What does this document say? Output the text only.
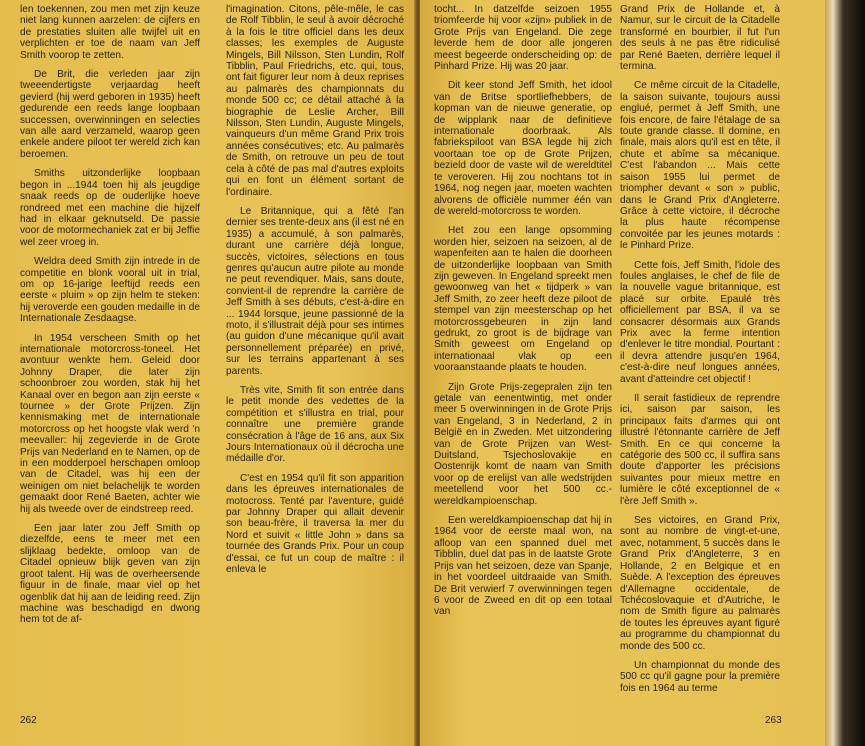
len toekennen, zou men met zijn keuze niet lang kunnen aarzelen: de cijfers en de prestaties sluiten alle twijfel uit en verplichten er toe de naam van Jeff Smith voorop te zetten.

De Brit, die verleden jaar zijn tweeendertigste verjaardag heeft gevierd (hij werd geboren in 1935) heeft gedurende een reeds lange loopbaan successen, overwinningen en selecties van alle aard verzameld, waarop geen enkele andere piloot ter wereld zich kan beroemen.

Smiths uitzonderlijke loopbaan begon in ...1944 toen hij als jeugdige snaak reeds op de ouderlijke hoeve rondreed met een machine die hijzelf had in elkaar geknutseld. De passie voor de motormechaniek zat er bij Jeffie wel zeer vroeg in.

Weldra deed Smith zijn intrede in de competitie en blonk vooral uit in trial, om op 16-jarige leeftijd reeds een eerste « pluim » op zijn helm te steken: hij veroverde een gouden medaille in de Internationale Zesdaagse.

In 1954 verscheen Smith op het internationale motorcross-toneel. Het avontuur wenkte hem. Geleid door Johnny Draper, die later zijn schoonbroer zou worden, stak hij het Kanaal over en begon aan zijn eerste « tournee » der Grote Prijzen. Zijn kennismaking met de internationale motorcross op het hoogste vlak werd 'n meevaller: hij zegevierde in de Grote Prijs van Nederland en te Namen, op de in een modderpoel herschapen omloop van de Citadel, was hij een der weinigen om niet belachelijk te worden gemaakt door René Baeten, achter wie hij als tweede over de eindstreep reed.

Een jaar later zou Jeff Smith op diezelfde, eens te meer met een slijklaag bedekte, omloop van de Citadel opnieuw blijk geven van zijn groot talent. Hij was de overheersende figuur in de finale, maar viel op het ogenblik dat hij aan de leiding reed. Zijn machine was beschadigd en dwong hem tot de af-

l'imagination. Citons, pêle-mêle, le cas de Rolf Tibblin, le seul à avoir décroché à la fois le titre officiel dans les deux classes; les exemples de Auguste Mingels, Bill Nilsson, Sten Lundin, Rolf Tibblin, Paul Friedrichs, etc. qui, tous, ont fait figurer leur nom à deux reprises au palmarès des championnats du monde 500 cc; ce détail attaché à la biographie de Leslie Archer, Bill Nilsson, Sten Lundin, Auguste Mingels, vainqueurs d'un même Grand Prix trois années consécutives; etc. Au palmarès de Smith, on retrouve un peu de tout cela à côté de pas mal d'autres exploits qui en font un élément sortant de l'ordinaire.

Le Britannique, qui a fêté l'an dernier ses trente-deux ans (il est né en 1935) a accumulé, à son palmarès, durant une carrière déjà longue, succès, victoires, sélections en tous genres qu'aucun autre pilote au monde ne peut revendiquer. Mais, sans doute, convient-il de reprendre la carrière de Jeff Smith à ses débuts, c'est-à-dire en ... 1944 lorsque, jeune passionné de la moto, il s'illustrait déjà pour ses intimes (au guidon d'une mécanique qu'il avait personnellement préparée) en privé, sur les terrains appartenant à ses parents.

Très vite, Smith fit son entrée dans le petit monde des vedettes de la compétition et s'illustra en trial, pour connaître une première grande consécration à l'âge de 16 ans, aux Six Jours Internationaux où il décrocha une médaille d'or.

C'est en 1954 qu'il fit son apparition dans les épreuves internationales de motocross. Tenté par l'aventure, guidé par Johnny Draper qui allait devenir son beau-frère, il traversa la mer du Nord et suivit « little John » dans sa tournée des Grands Prix. Pour un coup d'essai, ce fut un coup de maître : il enleva le

262

tocht... In datzelfde seizoen 1955 triomfeerde hij voor «zijn» publiek in de Grote Prijs van Engeland. Die zege leverde hem de door alle jongeren meest begeerde onderscheiding op: de Pinhard Prize. Hij was 20 jaar.

Dit keer stond Jeff Smith, het idool van de Britse sportliefhebbers, de kopman van de nieuwe generatie, op de wipplank naar de definitieve internationale doorbraak. Als fabriekspiloot van BSA legde hij zich voortaan toe op de Grote Prijzen, bezield door de vaste wil de wereldtitel te veroveren. Hij zou nochtans tot in 1964, nog negen jaar, moeten wachten alvorens de officiële nummer één van de wereld-motorcross te worden.

Het zou een lange opsomming worden hier, seizoen na seizoen, al de wapenfeiten aan te halen die doorheen de uitzonderlijke loopbaan van Smith zijn geweven. In Engeland spreekt men gewoonweg van het « tijdperk » van Jeff Smith, zo zeer heeft deze piloot de stempel van zijn meesterschap op het motorcrossgebeuren in zijn land gedrukt, zo groot is de bijdrage van Smith geweest om Engeland op internationaal vlak op een vooraanstaande plaats te houden.

Zijn Grote Prijs-zegepralen zijn ten getale van eenentwintig, met onder meer 5 overwinningen in de Grote Prijs van Engeland, 3 in Nederland, 2 in België en in Zweden. Met uitzondering van de Grote Prijzen van West-Duitsland, Tsjechoslovakije en Oostenrijk komt de naam van Smith voor op de erelijst van alle wedstrijden meetellend voor het 500 cc.-wereldkampioenschap.

Een wereldkampioenschap dat hij in 1964 voor de eerste maal won, na afloop van een spanned duel met Tibblin, duel dat pas in de laatste Grote Prijs van het seizoen, deze van Spanje, in het voordeel uitdraaide van Smith. De Brit verwierf 7 overwinningen tegen 6 voor de Zweed en dit op een totaal van

Grand Prix de Hollande et, à Namur, sur le circuit de la Citadelle transformé en bourbier, il fut l'un des seuls à ne pas être ridiculisé par René Baeten, derrière lequel il termina.

Ce même circuit de la Citadelle, la saison suivante, toujours aussi englué, permet à Jeff Smith, une fois encore, de faire l'étalage de sa toute grande classe. Il domine, en finale, mais alors qu'il est en tête, il chute et abîme sa mécanique. C'est l'abandon ... Mais cette saison 1955 lui permet de triompher devant « son » public, dans le Grand Prix d'Angleterre. Grâce à cette victoire, il décroche la plus haute récompense convoitée par les jeunes motards : le Pinhard Prize.

Cette fois, Jeff Smith, l'idole des foules anglaises, le chef de file de la nouvelle vague britannique, est placé sur orbite. Epaulé très officiellement par BSA, il va se consacrer désormais aux Grands Prix avec la ferme intention d'enlever le titre mondial. Pourtant : il devra attendre jusqu'en 1964, c'est-à-dire neuf longues années, avant d'atteindre cet objectif !

Il serait fastidieux de reprendre ici, saison par saison, les principaux faits d'armes qui ont illustré l'étonnante carrière de Jeff Smith. En ce qui concerne la catégorie des 500 cc, il suffira sans doute d'apporter les précisions suivantes pour mieux mettre en lumière le côté exceptionnel de « l'ère Jeff Smith ».

Ses victoires, en Grand Prix, sont au nombre de vingt-et-une, avec, notamment, 5 succès dans le Grand Prix d'Angleterre, 3 en Hollande, 2 en Belgique et en Suède. A l'exception des épreuves d'Allemagne occidentale, de Tchécoslovaquie et d'Autriche, le nom de Smith figure au palmarès de toutes les épreuves ayant figuré au programme du championnat du monde des 500 cc.

Un championnat du monde des 500 cc qu'il gagne pour la première fois en 1964 au terme

263
